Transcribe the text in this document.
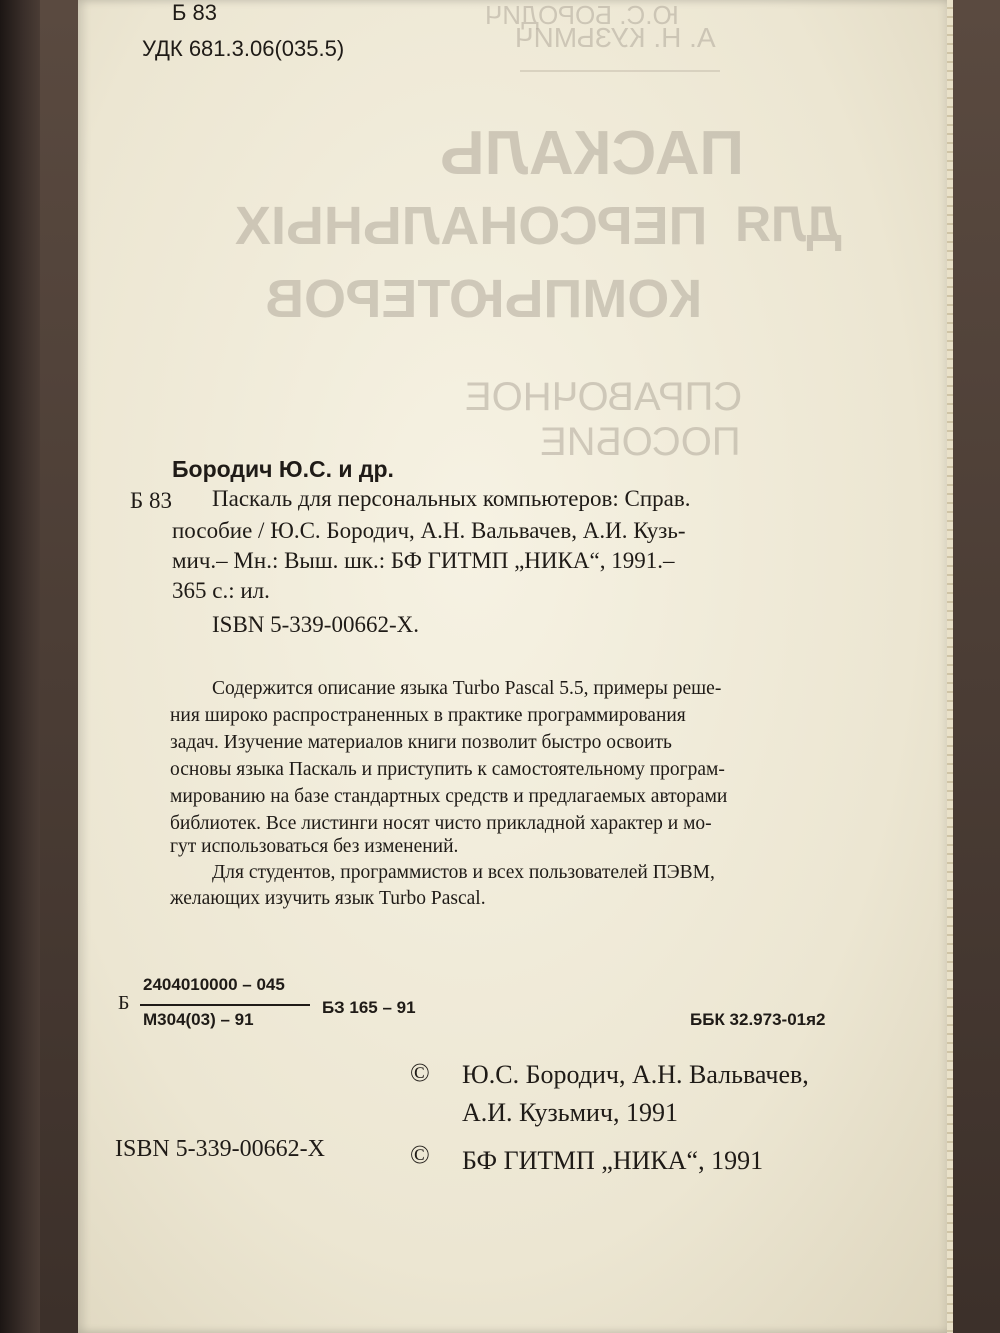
Б 83
УДК 681.3.06(035.5)
Ю.С. БОРОДИЧ
А. Н. КУЗЬМИЧ
ПАСКАЛЬ
ДЛЯ
ПЕРСОНАЛЬНЫХ
КОМПЬЮТЕРОВ
СПРАВОЧНОЕ
ПОСОБИЕ
Бородич Ю.С. и др.
Б 83 Паскаль для персональных компьютеров: Справ.
пособие / Ю.С. Бородич, А.Н. Вальвачев, А.И. Кузь-
мич.– Мн.: Выш. шк.: БФ ГИТМП „НИКА“, 1991.–
365 с.: ил.
ISBN 5-339-00662-X.
Содержится описание языка Turbo Pascal 5.5, примеры реше-
ния широко распространенных в практике программирования
задач. Изучение материалов книги позволит быстро освоить
основы языка Паскаль и приступить к самостоятельному програм-
мированию на базе стандартных средств и предлагаемых авторами
библиотек. Все листинги носят чисто прикладной характер и мо-
гут использоваться без изменений.
Для студентов, программистов и всех пользователей ПЭВМ,
желающих изучить язык Turbo Pascal.
Б
2404010000 – 045
М304(03) – 91
БЗ 165 – 91
ББК 32.973-01я2
© Ю.С. Бородич, А.Н. Вальвачев,
А.И. Кузьмич, 1991
ISBN 5-339-00662-Х	© БФ ГИТМП „НИКА“, 1991
